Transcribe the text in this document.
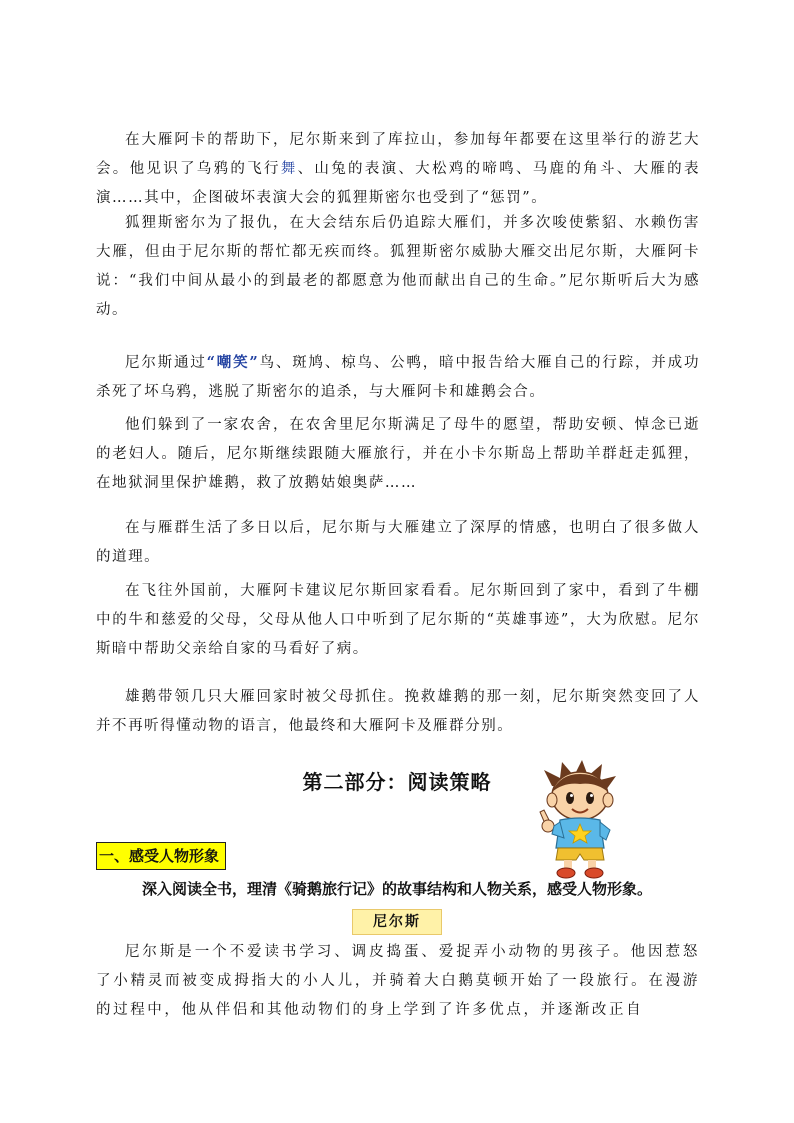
在大雁阿卡的帮助下，尼尔斯来到了库拉山，参加每年都要在这里举行的游艺大会。他见识了乌鸦的飞行舞、山兔的表演、大松鸡的啼鸣、马鹿的角斗、大雁的表演……其中，企图破坏表演大会的狐狸斯密尔也受到了“惩罚”。

狐狸斯密尔为了报仇，在大会结东后仍追踪大雁们，并多次唆使紫貂、水赖伤害大雁，但由于尼尔斯的帮忙都无疾而终。狐狸斯密尔威胁大雁交出尼尔斯，大雁阿卡说：“我们中间从最小的到最老的都愿意为他而献出自己的生命。”尼尔斯听后大为感动。

尼尔斯通过“嘲笑”鸟、斑鸠、椋鸟、公鸭，暗中报告给大雁自己的行踪，并成功杀死了坏乌鸦，逃脱了斯密尔的追杀，与大雁阿卡和雄鹅会合。

他们躲到了一家农舍，在农舍里尼尔斯满足了母牛的愿望，帮助安顿、悼念已逝的老妇人。随后，尼尔斯继续跟随大雁旅行，并在小卡尔斯岛上帮助羊群赶走狐狸，在地狱洞里保护雄鹅，救了放鹅姑娘奥萨……

在与雁群生活了多日以后，尼尔斯与大雁建立了深厚的情感，也明白了很多做人的道理。

在飞往外国前，大雁阿卡建议尼尔斯回家看看。尼尔斯回到了家中，看到了牛棚中的牛和慈爱的父母，父母从他人口中听到了尼尔斯的“英雄事迹”，大为欣慰。尼尔斯暗中帮助父亲给自家的马看好了病。

雄鹅带领几只大雁回家时被父母抓住。挽救雄鹅的那一刻，尼尔斯突然变回了人并不再听得懂动物的语言，他最终和大雁阿卡及雁群分别。

第二部分：阅读策略
一、感受人物形象

深入阅读全书，理清《骑鹅旅行记》的故事结构和人物关系，感受人物形象。

尼尔斯

尼尔斯是一个不爱读书学习、调皮捣蛋、爱捉弄小动物的男孩子。他因惹怒了小精灵而被变成拇指大的小人儿，并骑着大白鹅莫顿开始了一段旅行。在漫游的过程中，他从伴侣和其他动物们的身上学到了许多优点，并逐渐改正自
